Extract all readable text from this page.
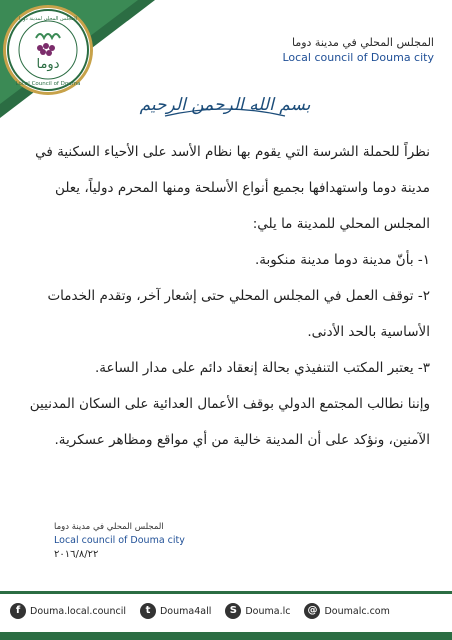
دوما
المجلس المحلي لمدينة دوما
Local Council of Douma
المجلس المحلي في مدينة دوما
Local council of Douma city
بسم الله الرحمن الرحيم

نظراً للحملة الشرسة التي يقوم بها نظام الأسد على الأحياء السكنية في

مدينة دوما واستهدافها بجميع أنواع الأسلحة ومنها المحرم دولياً، يعلن

المجلس المحلي للمدينة ما يلي:

١- بأنّ مدينة دوما مدينة منكوبة.

٢- توقف العمل في المجلس المحلي حتى إشعار آخر، وتقدم الخدمات

الأساسية بالحد الأدنى.

٣- يعتبر المكتب التنفيذي بحالة إنعقاد دائم على مدار الساعة.

وإننا نطالب المجتمع الدولي بوقف الأعمال العدائية على السكان المدنيين

الآمنين، ونؤكد على أن المدينة خالية من أي مواقع ومظاهر عسكرية.

المجلس المحلي في مدينة دوما
Local council of Douma city
٢٠١٦/٨/٢٢
f	Douma.local.council	t	Douma4all	S Douma.lc	@ Doumalc.com
